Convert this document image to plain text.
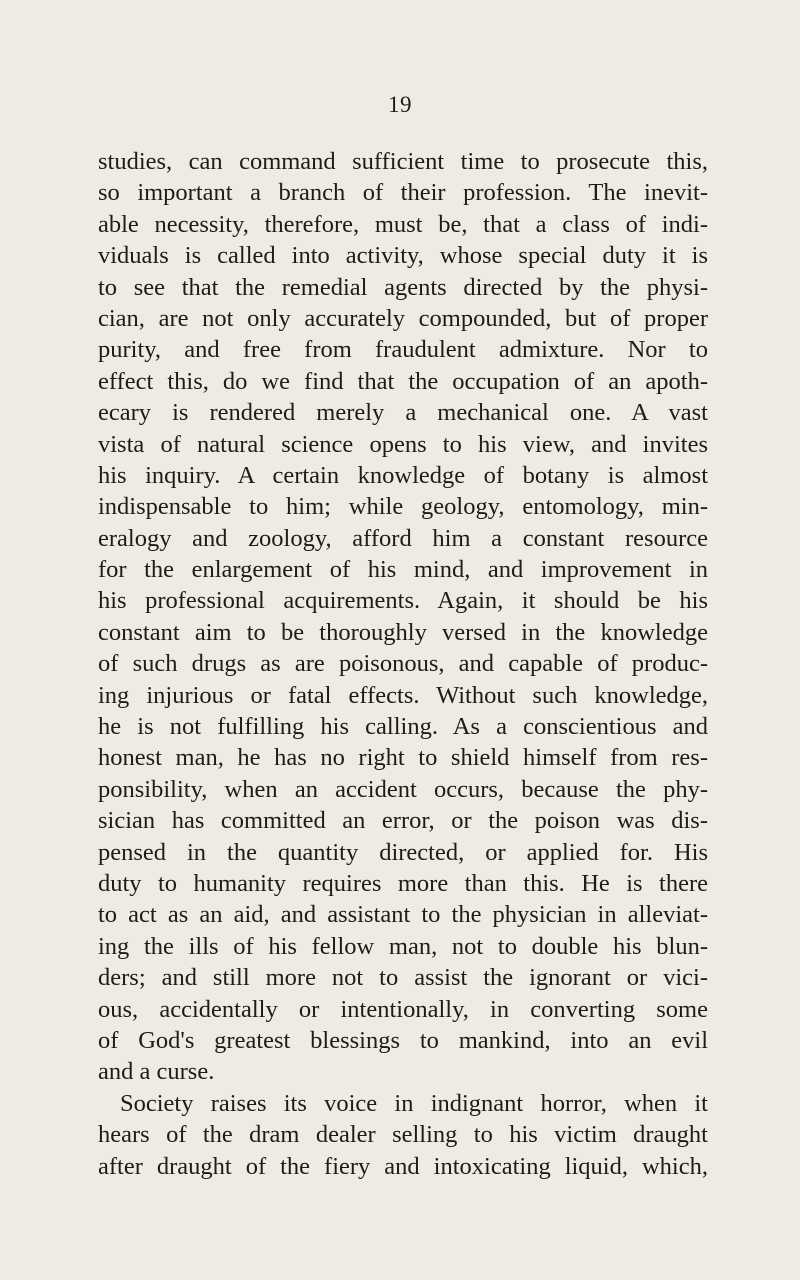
19
studies, can command sufficient time to prosecute this,
so important a branch of their profession. The inevit-
able necessity, therefore, must be, that a class of indi-
viduals is called into activity, whose special duty it is
to see that the remedial agents directed by the physi-
cian, are not only accurately compounded, but of proper
purity, and free from fraudulent admixture. Nor to
effect this, do we find that the occupation of an apoth-
ecary is rendered merely a mechanical one. A vast
vista of natural science opens to his view, and invites
his inquiry. A certain knowledge of botany is almost
indispensable to him; while geology, entomology, min-
eralogy and zoology, afford him a constant resource
for the enlargement of his mind, and improvement in
his professional acquirements. Again, it should be his
constant aim to be thoroughly versed in the knowledge
of such drugs as are poisonous, and capable of produc-
ing injurious or fatal effects. Without such knowledge,
he is not fulfilling his calling. As a conscientious and
honest man, he has no right to shield himself from res-
ponsibility, when an accident occurs, because the phy-
sician has committed an error, or the poison was dis-
pensed in the quantity directed, or applied for. His
duty to humanity requires more than this. He is there
to act as an aid, and assistant to the physician in alleviat-
ing the ills of his fellow man, not to double his blun-
ders; and still more not to assist the ignorant or vici-
ous, accidentally or intentionally, in converting some
of God's greatest blessings to mankind, into an evil
and a curse.
Society raises its voice in indignant horror, when it
hears of the dram dealer selling to his victim draught
after draught of the fiery and intoxicating liquid, which,
